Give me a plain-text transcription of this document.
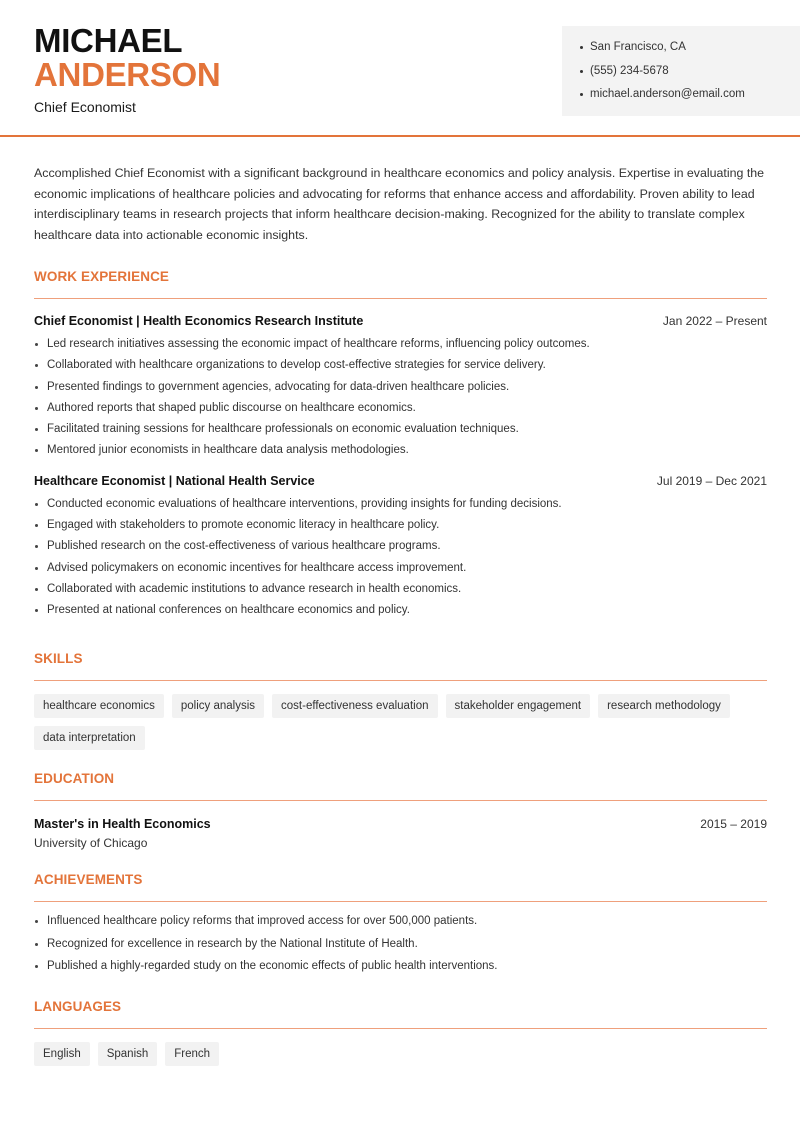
MICHAEL
ANDERSON
Chief Economist
San Francisco, CA
(555) 234-5678
michael.anderson@email.com

Accomplished Chief Economist with a significant background in healthcare economics and policy analysis. Expertise in evaluating the economic implications of healthcare policies and advocating for reforms that enhance access and affordability. Proven ability to lead interdisciplinary teams in research projects that inform healthcare decision-making. Recognized for the ability to translate complex healthcare data into actionable economic insights.

WORK EXPERIENCE
Chief Economist | Health Economics Research Institute	Jan 2022 – Present
Led research initiatives assessing the economic impact of healthcare reforms, influencing policy outcomes.
Collaborated with healthcare organizations to develop cost-effective strategies for service delivery.
Presented findings to government agencies, advocating for data-driven healthcare policies.
Authored reports that shaped public discourse on healthcare economics.
Facilitated training sessions for healthcare professionals on economic evaluation techniques.
Mentored junior economists in healthcare data analysis methodologies.
Healthcare Economist | National Health Service	Jul 2019 – Dec 2021
Conducted economic evaluations of healthcare interventions, providing insights for funding decisions.
Engaged with stakeholders to promote economic literacy in healthcare policy.
Published research on the cost-effectiveness of various healthcare programs.
Advised policymakers on economic incentives for healthcare access improvement.
Collaborated with academic institutions to advance research in health economics.
Presented at national conferences on healthcare economics and policy.
SKILLS
healthcare economics	policy analysis	cost-effectiveness evaluation	stakeholder engagement	research methodology
data interpretation
EDUCATION
Master's in Health Economics	2015 – 2019
University of Chicago
ACHIEVEMENTS
Influenced healthcare policy reforms that improved access for over 500,000 patients.
Recognized for excellence in research by the National Institute of Health.
Published a highly-regarded study on the economic effects of public health interventions.
LANGUAGES
English	Spanish	French
